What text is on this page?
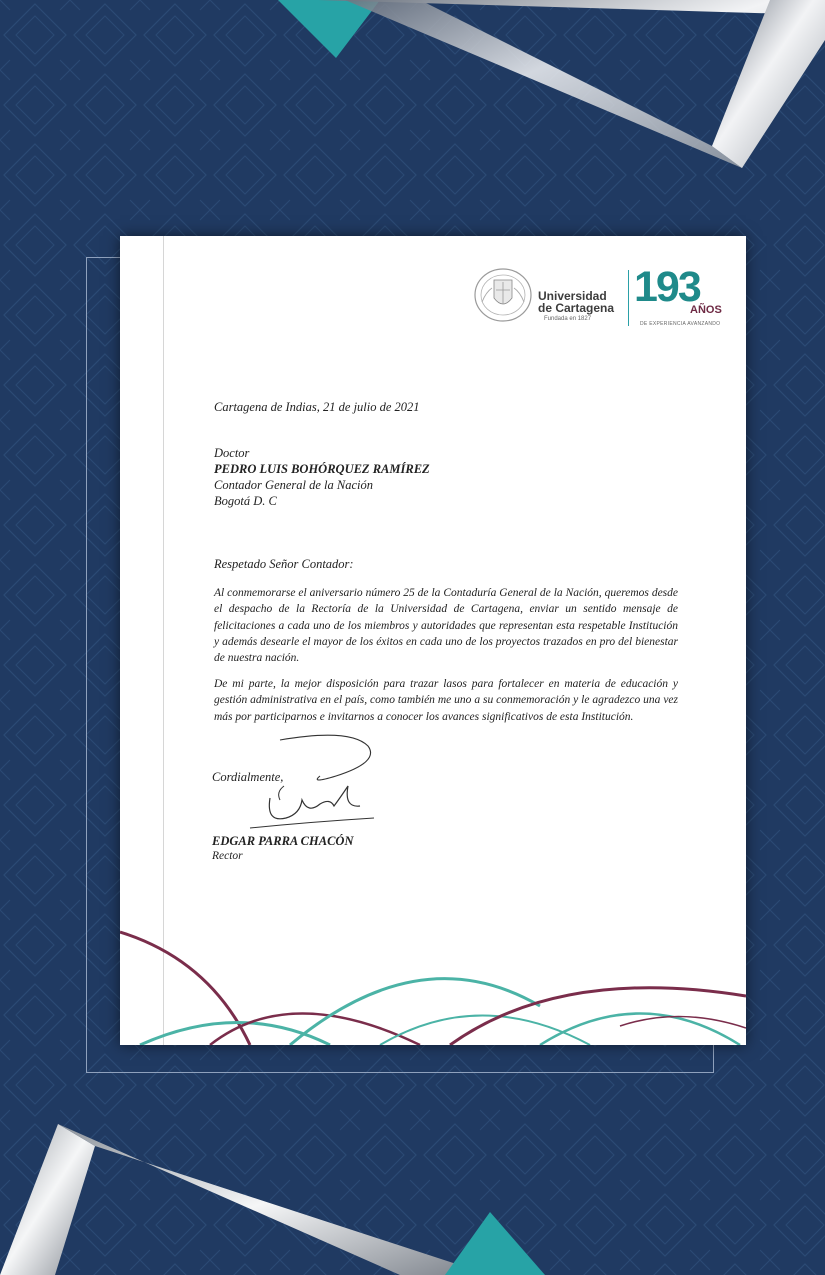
Universidad
de Cartagena
Fundada en 1827
193
AÑOS
DE EXPERIENCIA AVANZANDO
Cartagena de Indias, 21 de julio de 2021
Doctor
PEDRO LUIS BOHÓRQUEZ RAMÍREZ
Contador General de la Nación
Bogotá D. C
Respetado Señor Contador:
Al conmemorarse el aniversario número 25 de la Contaduría General de la Nación, queremos desde el despacho de la Rectoría de la Universidad de Cartagena, enviar un sentido mensaje de felicitaciones a cada uno de los miembros y autoridades que representan esta respetable Institución y además desearle el mayor de los éxitos en cada uno de los proyectos trazados en pro del bienestar de nuestra nación.
De mi parte, la mejor disposición para trazar lasos para fortalecer en materia de educación y gestión administrativa en el país, como también me uno a su conmemoración y le agradezco una vez más por participarnos e invitarnos a conocer los avances significativos de esta Institución.
Cordialmente,
EDGAR PARRA CHACÓN
Rector
